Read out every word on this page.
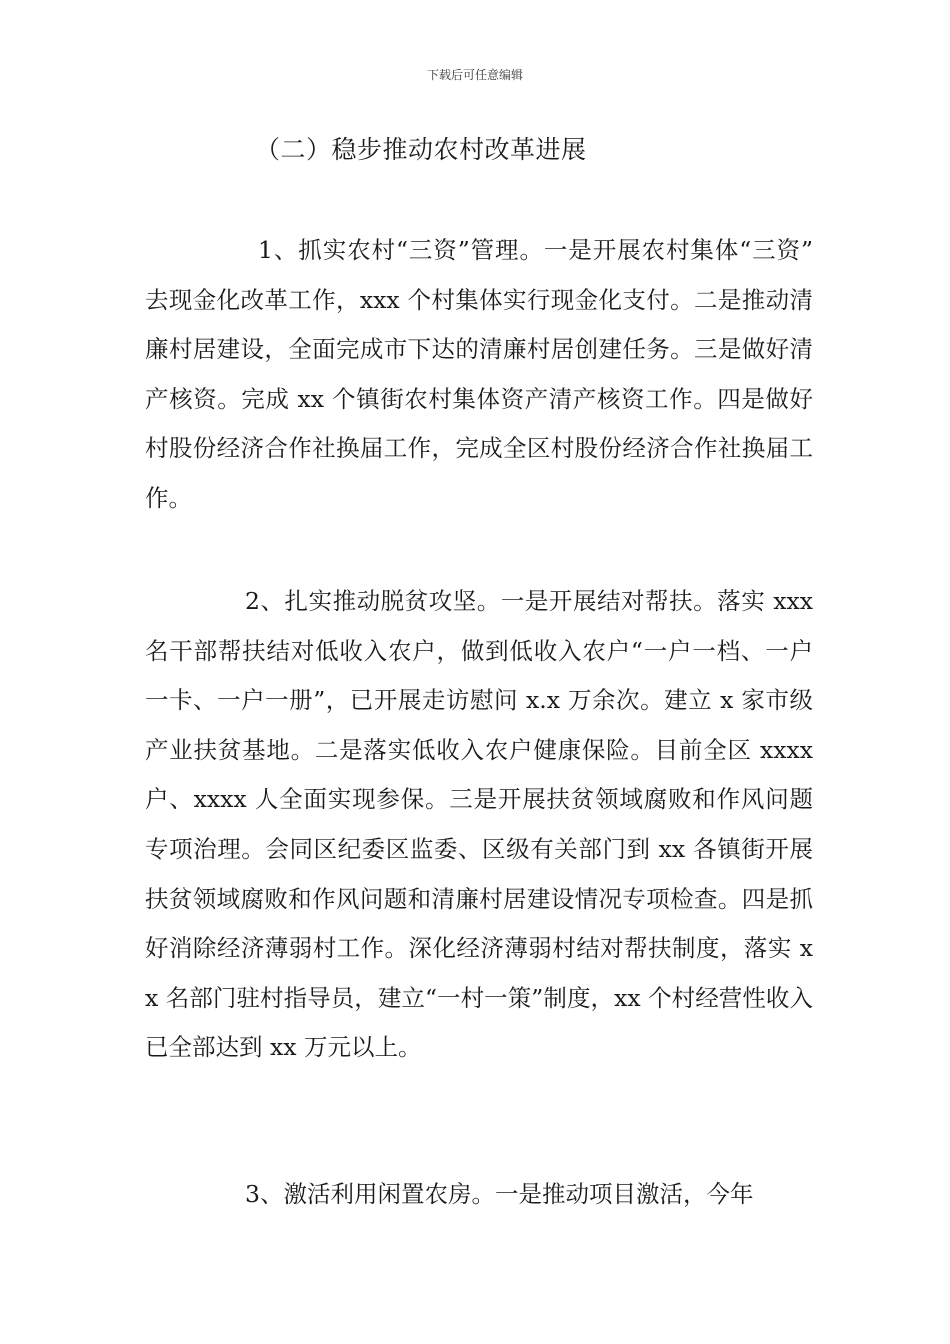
下载后可任意编辑
（二）稳步推动农村改革进展
1、抓实农村“三资”管理。一是开展农村集体“三资”去现金化改革工作，xxx 个村集体实行现金化支付。二是推动清廉村居建设，全面完成市下达的清廉村居创建任务。三是做好清产核资。完成 xx 个镇街农村集体资产清产核资工作。四是做好村股份经济合作社换届工作，完成全区村股份经济合作社换届工作。
2、扎实推动脱贫攻坚。一是开展结对帮扶。落实 xxx 名干部帮扶结对低收入农户，做到低收入农户“一户一档、一户一卡、一户一册”，已开展走访慰问 x.x 万余次。建立 x 家市级产业扶贫基地。二是落实低收入农户健康保险。目前全区 xxxx 户、xxxx 人全面实现参保。三是开展扶贫领域腐败和作风问题专项治理。会同区纪委区监委、区级有关部门到 xx 各镇街开展扶贫领域腐败和作风问题和清廉村居建设情况专项检查。四是抓好消除经济薄弱村工作。深化经济薄弱村结对帮扶制度，落实 xx 名部门驻村指导员，建立“一村一策”制度，xx 个村经营性收入已全部达到 xx 万元以上。
3、激活利用闲置农房。一是推动项目激活，今年
